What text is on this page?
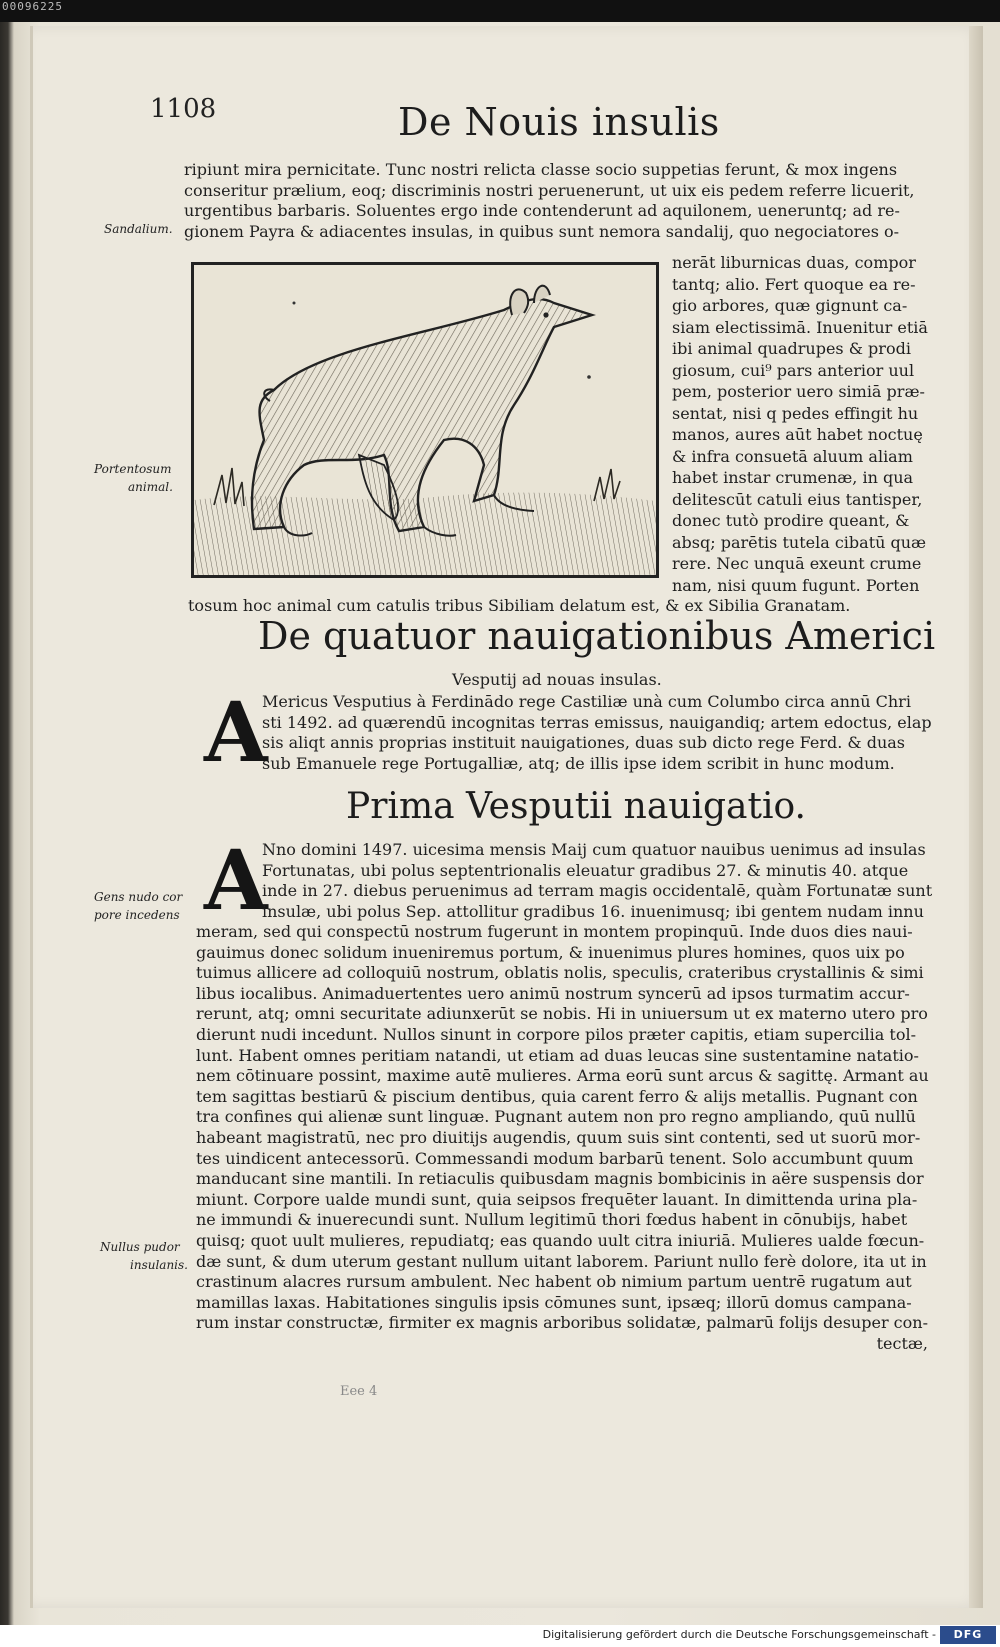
00096225
1108	De Nouis insulis
ripiunt mira pernicitate. Tunc nostri relicta classe socio suppetias ferunt, & mox ingens
conseritur prælium, eoq; discriminis nostri peruenerunt, ut uix eis pedem referre licuerit,
urgentibus barbaris. Soluentes ergo inde contenderunt ad aquilonem, ueneruntq; ad re-
gionem Payra & adiacentes insulas, in quibus sunt nemora sandalij, quo negociatores o-
Sandalium.
nerāt liburnicas duas, compor
tantq; alio. Fert quoque ea re-
gio arbores, quæ gignunt ca-
siam electissimā. Inuenitur etiā
ibi animal quadrupes & prodi
giosum, cui⁹ pars anterior uul
pem, posterior uero simiā præ-
sentat, nisi q pedes effingit hu
manos, aures aūt habet noctuę
& infra consuetā aluum aliam
habet instar crumenæ, in qua
delitescūt catuli eius tantisper,
donec tutò prodire queant, &
absq; parētis tutela cibatū quæ
rere. Nec unquā exeunt crume
nam, nisi quum fugunt. Porten
Portentosum
animal.
tosum hoc animal cum catulis tribus Sibiliam delatum est, & ex Sibilia Granatam.
De quatuor nauigationibus Americi
Vesputij ad nouas insulas.
A
Mericus Vesputius à Ferdinādo rege Castiliæ unà cum Columbo circa annū Chri
sti 1492. ad quærendū incognitas terras emissus, nauigandiq; artem edoctus, elap
sis aliqt annis proprias instituit nauigationes, duas sub dicto rege Ferd. & duas
sub Emanuele rege Portugalliæ, atq; de illis ipse idem scribit in hunc modum.
Prima Vesputii nauigatio.
A
Nno domini 1497. uicesima mensis Maij cum quatuor nauibus uenimus ad insulas
Fortunatas, ubi polus septentrionalis eleuatur gradibus 27. & minutis 40. atque
inde in 27. diebus peruenimus ad terram magis occidentalē, quàm Fortunatæ sunt
insulæ, ubi polus Sep. attollitur gradibus 16. inuenimusq; ibi gentem nudam innu
Gens nudo cor
pore incedens
meram, sed qui conspectū nostrum fugerunt in montem propinquū. Inde duos dies naui-
gauimus donec solidum inueniremus portum, & inuenimus plures homines, quos uix po
tuimus allicere ad colloquiū nostrum, oblatis nolis, speculis, crateribus crystallinis & simi
libus iocalibus. Animaduertentes uero animū nostrum syncerū ad ipsos turmatim accur-
rerunt, atq; omni securitate adiunxerūt se nobis. Hi in uniuersum ut ex materno utero pro
dierunt nudi incedunt. Nullos sinunt in corpore pilos præter capitis, etiam supercilia tol-
lunt. Habent omnes peritiam natandi, ut etiam ad duas leucas sine sustentamine natatio-
nem cōtinuare possint, maxime autē mulieres. Arma eorū sunt arcus & sagittę. Armant au
tem sagittas bestiarū & piscium dentibus, quia carent ferro & alijs metallis. Pugnant con
tra confines qui alienæ sunt linguæ. Pugnant autem non pro regno ampliando, quū nullū
habeant magistratū, nec pro diuitijs augendis, quum suis sint contenti, sed ut suorū mor-
tes uindicent antecessorū. Commessandi modum barbarū tenent. Solo accumbunt quum
manducant sine mantili. In retiaculis quibusdam magnis bombicinis in aëre suspensis dor
miunt. Corpore ualde mundi sunt, quia seipsos frequēter lauant. In dimittenda urina pla-
ne immundi & inuerecundi sunt. Nullum legitimū thori fœdus habent in cōnubijs, habet
quisq; quot uult mulieres, repudiatq; eas quando uult citra iniuriā. Mulieres ualde fœcun-
dæ sunt, & dum uterum gestant nullum uitant laborem. Pariunt nullo ferè dolore, ita ut in
crastinum alacres rursum ambulent. Nec habent ob nimium partum uentrē rugatum aut
mamillas laxas. Habitationes singulis ipsis cōmunes sunt, ipsæq; illorū domus campana-
rum instar constructæ, firmiter ex magnis arboribus solidatæ, palmarū folijs desuper con-
tectæ,
Nullus pudor
insulanis.
Eee 4
Digitalisierung gefördert durch die Deutsche Forschungsgemeinschaft -	DFG
